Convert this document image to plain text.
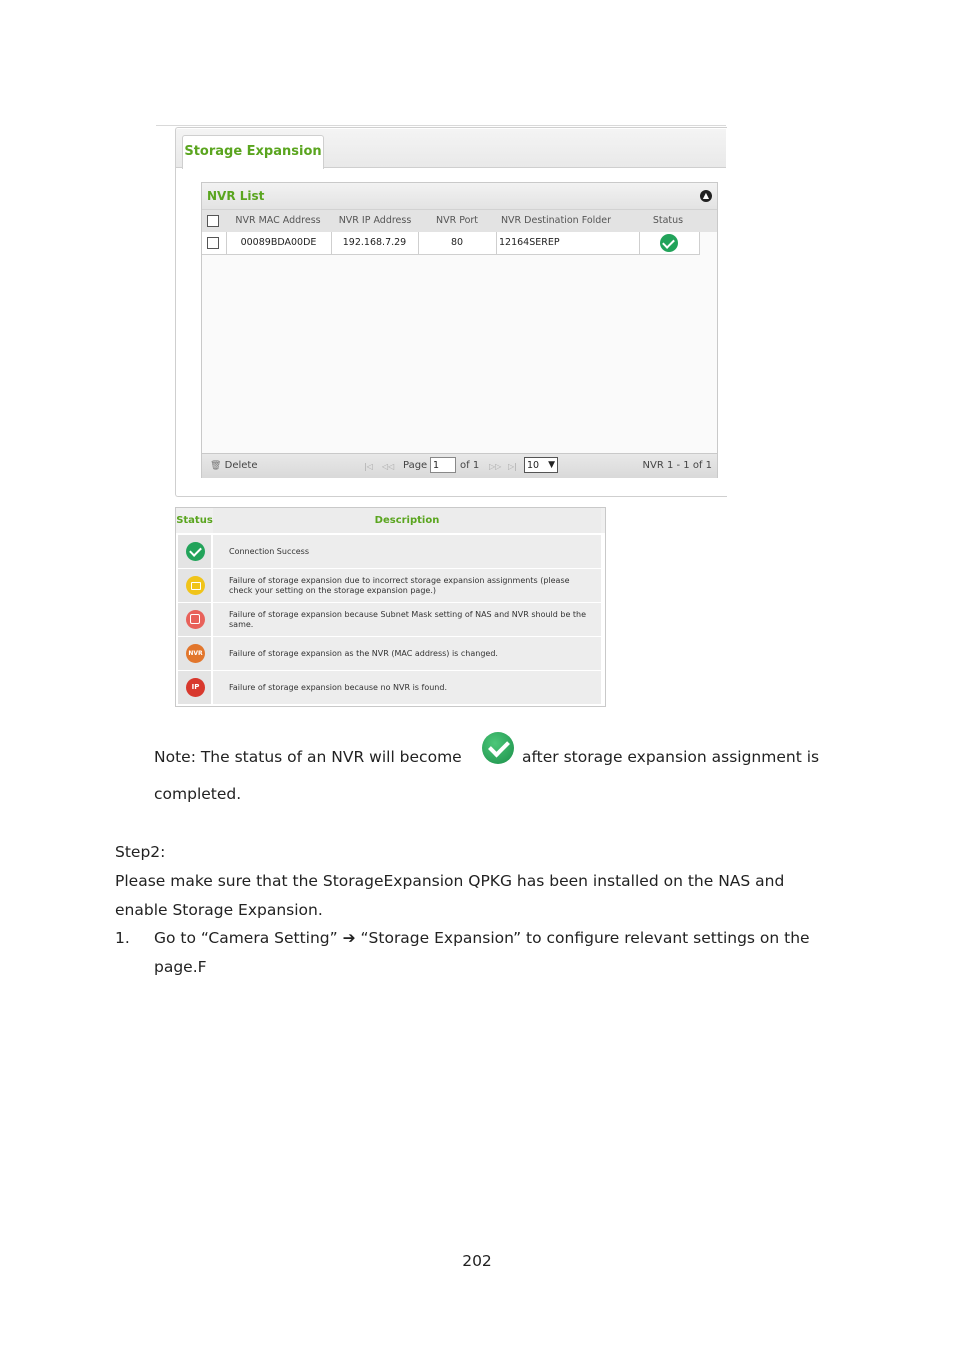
Storage Expansion
NVR List	▲
NVR MAC Address	NVR IP Address	NVR Port	NVR Destination Folder	Status
00089BDA00DE	192.168.7.29	80	12164SEREP
🗑 Delete	|◁ ◁◁ Page 1	of 1 ▷▷ ▷|	10 ▼	NVR 1 - 1 of 1
Status	Description
Connection Success
Failure of storage expansion due to incorrect storage expansion assignments (please check your setting on the storage expansion page.)
Failure of storage expansion because Subnet Mask setting of NAS and NVR should be the same.
NVR	Failure of storage expansion as the NVR (MAC address) is changed.
IP	Failure of storage expansion because no NVR is found.
Note: The status of an NVR will become	after storage expansion assignment is
completed.
Step2:
Please make sure that the StorageExpansion QPKG has been installed on the NAS and
enable Storage Expansion.
1. Go to “Camera Setting” ➔ “Storage Expansion” to configure relevant settings on the
page.F
202
